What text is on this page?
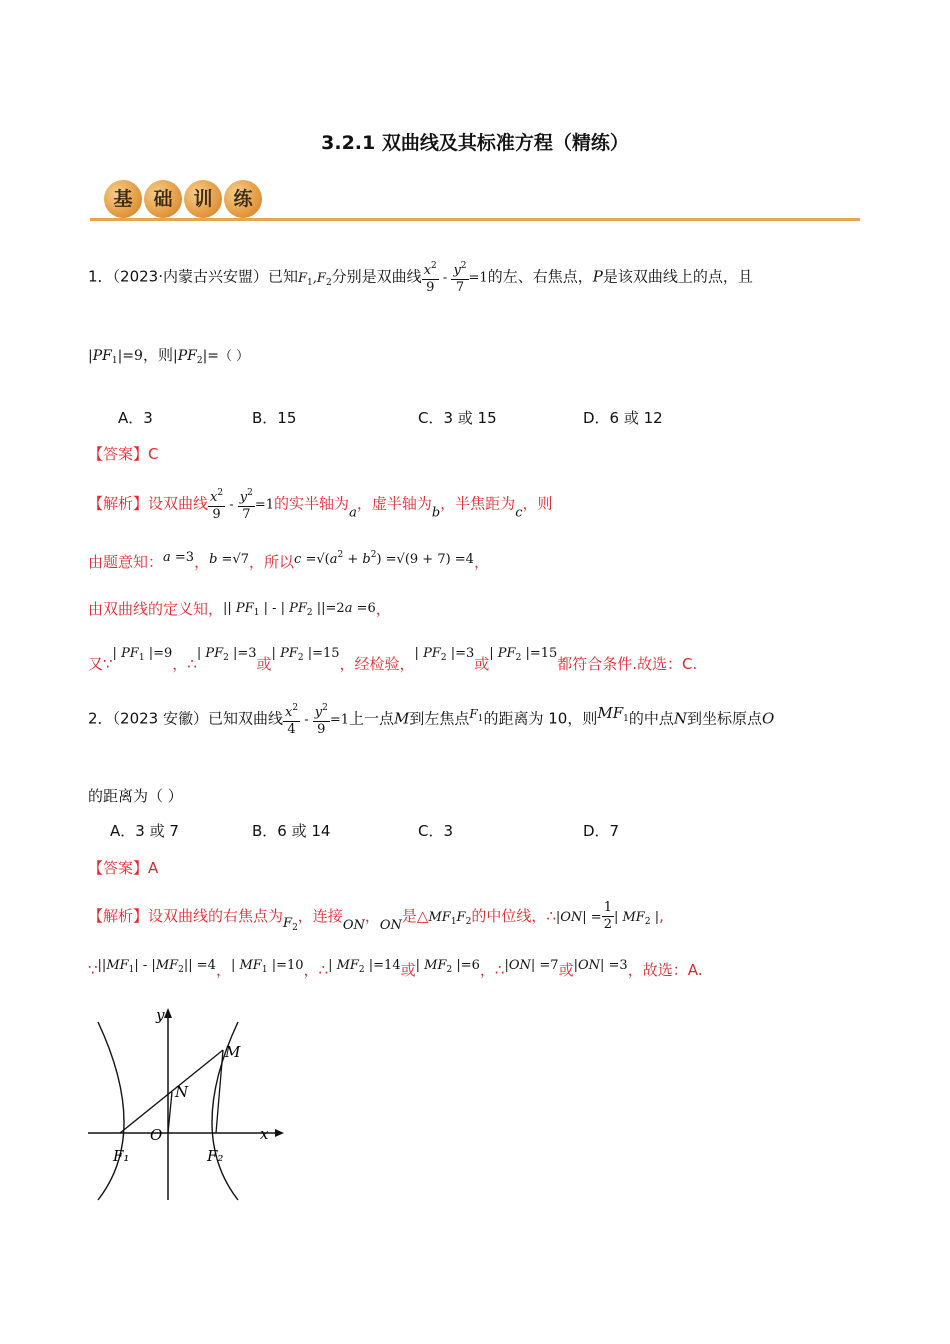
3.2.1 双曲线及其标准方程（精练）
基	础	训	练
1．（2023·内蒙古兴安盟）已知$F_1,F_2$分别是双曲线 $\frac{x^2}{9} - \frac{y^2}{7} =1$的左、右焦点，P是该双曲线上的点，且
$|PF_1|=9$，则$|PF_2|=$（ ）
A．3	B．15	C．3 或 15	D．6 或 12
【答案】C
【解析】设双曲线 $\frac{x^2}{9} - \frac{y^2}{7} =1$的实半轴为a，虚半轴为b，半焦距为c，则
由题意知：a =3，b =√7，所以$c =√(a^2 + b^2) =√(9 + 7) =4$，
由双曲线的定义知，|| $PF_1$ | - | $PF_2$ ||=2a =6，
又∵| $PF_1$ |=9，∴| $PF_2$ |=3或| $PF_2$ |=15，经检验，| $PF_2$ |=3或| $PF_2$ |=15都符合条件.故选：C.
2．（2023 安徽）已知双曲线 $\frac{x^2}{4} - \frac{y^2}{9} =1$上一点M到左焦点$^{F_1}$的距离为 10，则$MF_1$的中点N到坐标原点O
的距离为（ ）
A．3 或 7	B．6 或 14	C．3	D．7
【答案】A
【解析】设双曲线的右焦点为$F_2$，连接ON，ON是$\triangle MF_1F_2$的中位线，∴|ON| = $\frac{1}{2}$ | $MF_2$ |,
$\because||MF_1| - |MF_2|| =4$，| $MF_1$ |=10，∴| $MF_2$ |=14或| $MF_2$ |=6，∴|ON| =7或|ON| =3，故选：A.
y
x
M
N
O
F₁	F₂
